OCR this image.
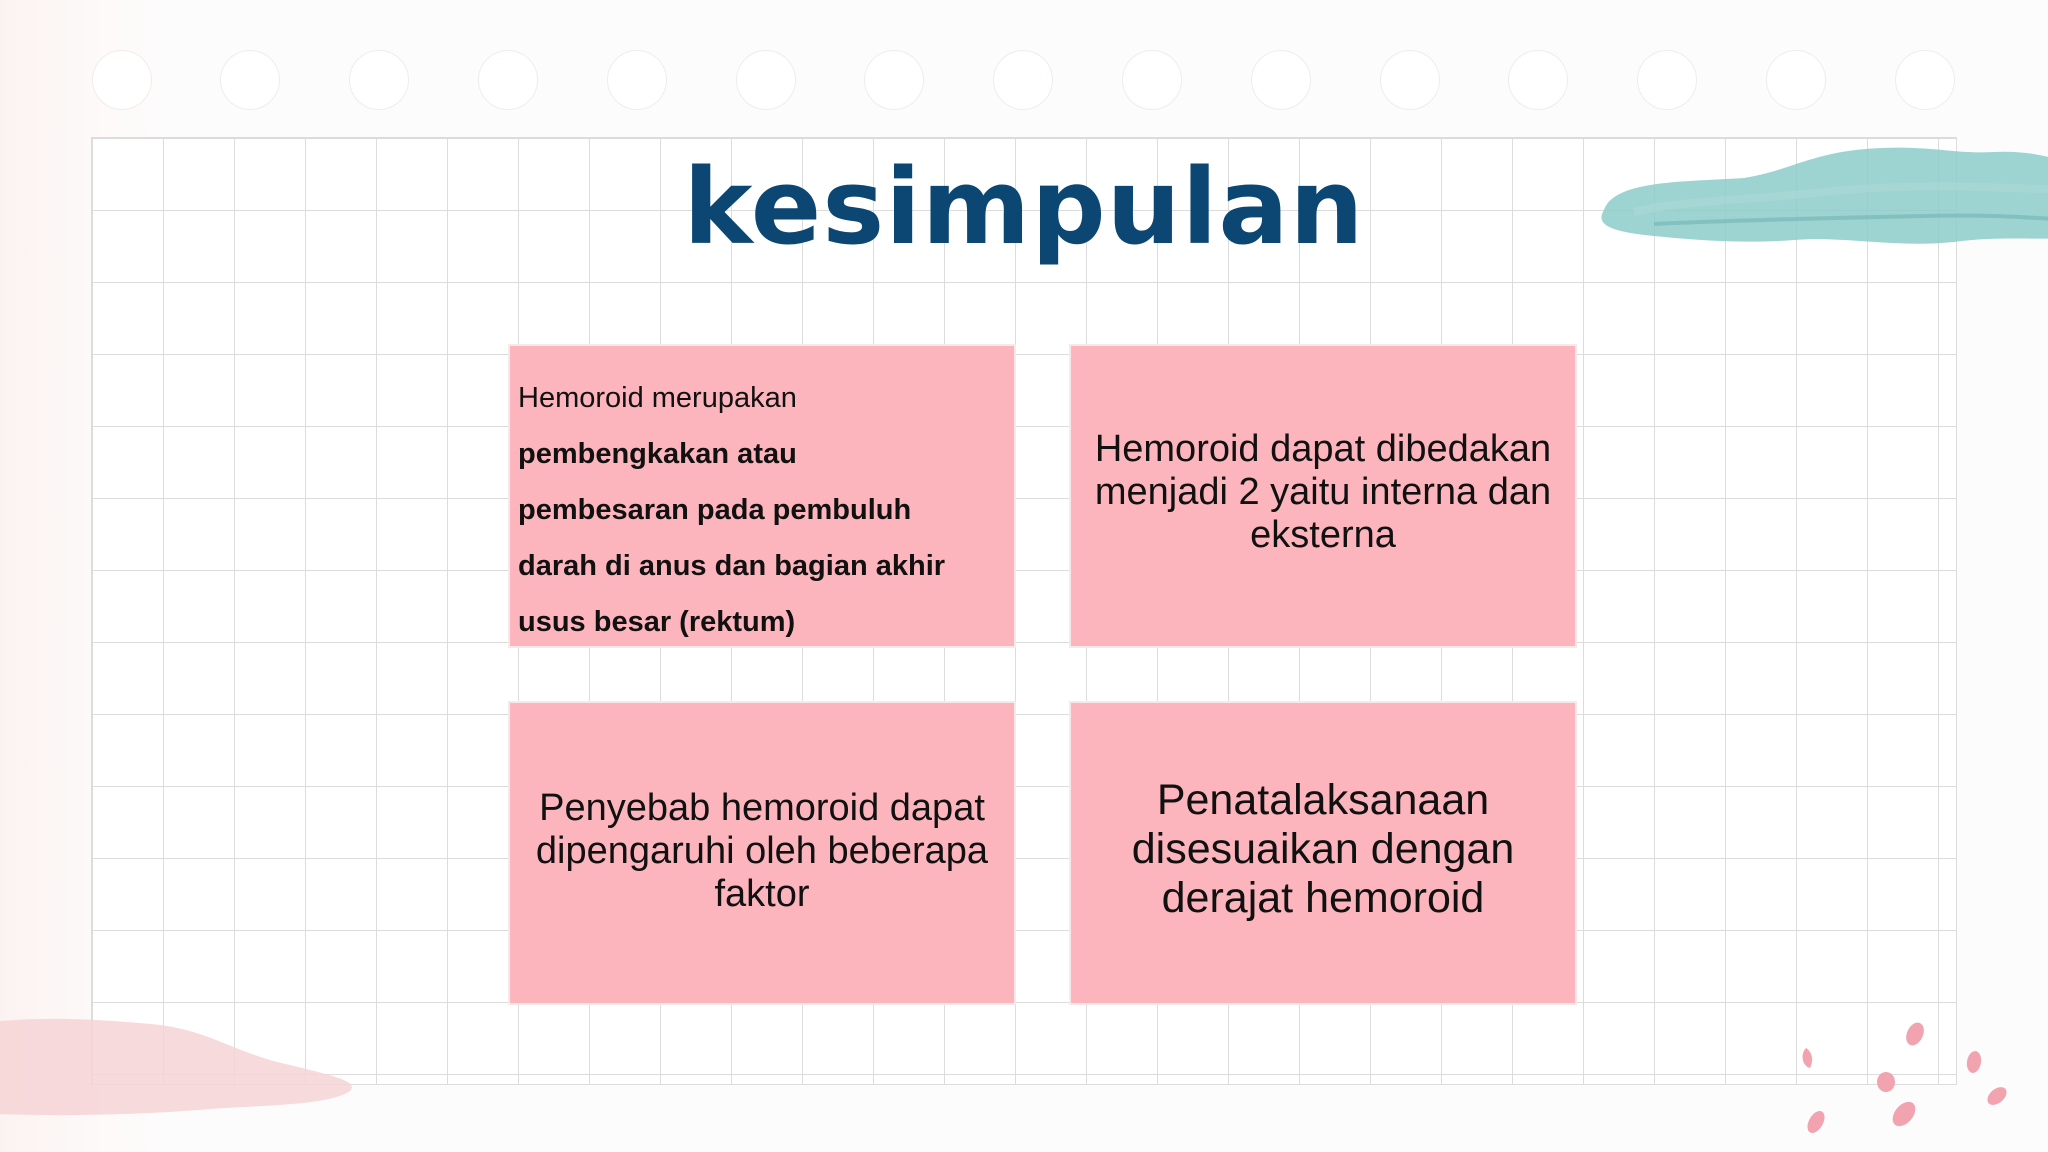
kesimpulan
Hemoroid merupakan
pembengkakan atau
pembesaran pada pembuluh
darah di anus dan bagian akhir
usus besar (rektum)
Hemoroid dapat dibedakan menjadi 2 yaitu interna dan eksterna
Penyebab hemoroid dapat dipengaruhi oleh beberapa faktor
Penatalaksanaan disesuaikan dengan derajat hemoroid
